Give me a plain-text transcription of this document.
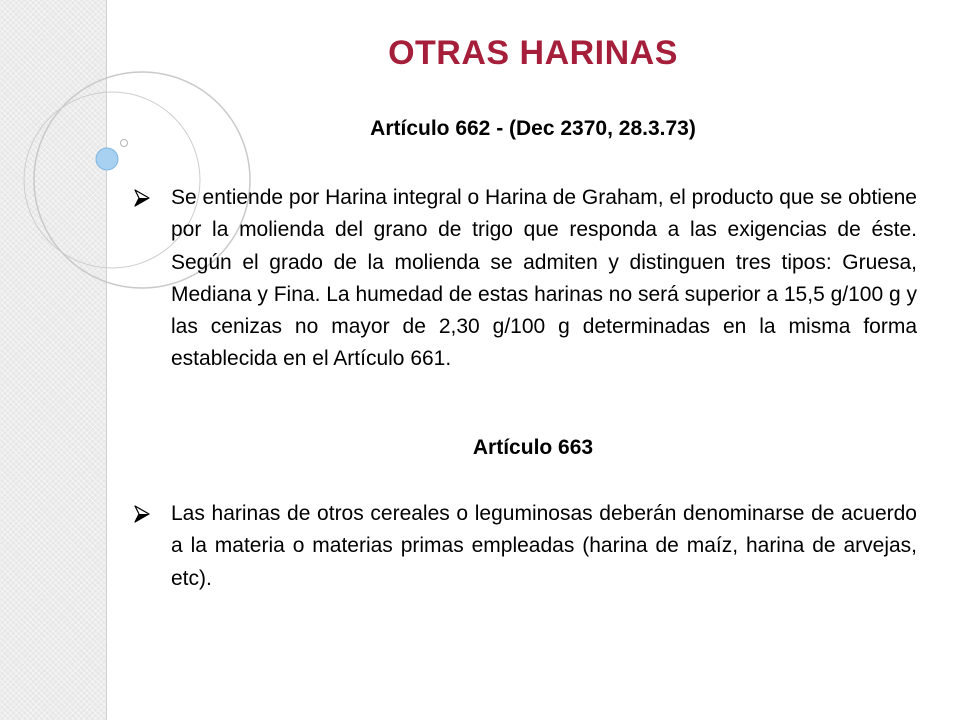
OTRAS HARINAS

Artículo 662 - (Dec 2370, 28.3.73)

Se entiende por Harina integral o Harina de Graham, el producto que se obtiene por la molienda del grano de trigo que responda a las exigencias de éste. Según el grado de la molienda se admiten y distinguen tres tipos: Gruesa, Mediana y Fina. La humedad de estas harinas no será superior a 15,5 g/100 g y las cenizas no mayor de 2,30 g/100 g determinadas en la misma forma establecida en el Artículo 661.

Artículo 663

Las harinas de otros cereales o leguminosas deberán denominarse de acuerdo a la materia o materias primas empleadas (harina de maíz, harina de arvejas, etc).
